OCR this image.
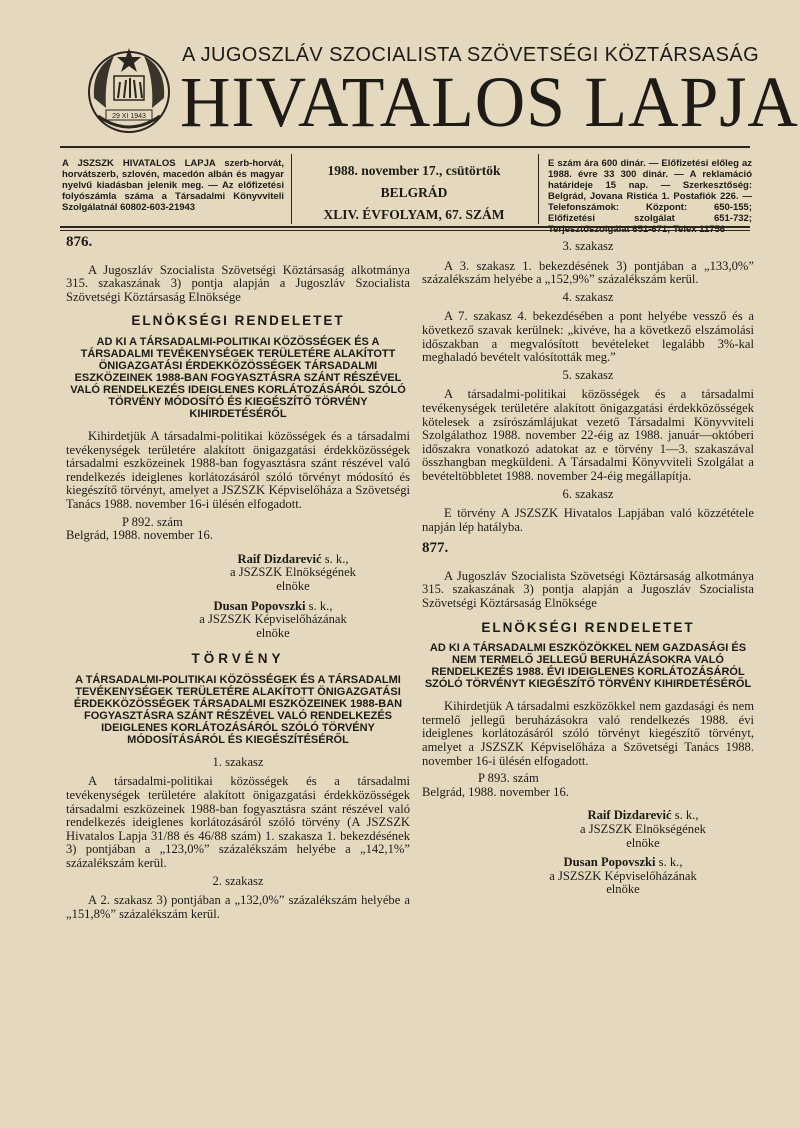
29 XI 1943
A JUGOSZLÁV SZOCIALISTA SZÖVETSÉGI KÖZTÁRSASÁG
HIVATALOS LAPJA
A JSZSZK HIVATALOS LAPJA szerb-horvát, horvátszerb, szlovén, macedón albán és magyar nyelvű kiadásban jelenik meg. — Az előfizetési folyószámla száma a Társadalmi Könyvviteli Szolgálatnál 60802-603-21943
1988. november 17., csütörtök
BELGRÁD
XLIV. ÉVFOLYAM, 67. SZÁM
E szám ára 600 dinár. — Előfizetési előleg az 1988. évre 33 300 dinár. — A reklamáció határideje 15 nap. — Szerkesztőség: Belgrád, Jovana Ristića 1. Postafiók 226. — Telefonszámok: Központ: 650-155; Előfizetési szolgálat 651-732;
876.

A Jugoszláv Szocialista Szövetségi Köztársaság alkotmánya 315. szakaszának 3) pontja alapján a Jugoszláv Szocialista Szövetségi Köztársaság Elnöksége

ELNÖKSÉGI RENDELETET
AD KI A TÁRSADALMI-POLITIKAI KÖZÖSSÉGEK ÉS A TÁRSADALMI TEVÉKENYSÉGEK TERÜLETÉRE ALAKÍTOTT ÖNIGAZGATÁSI ÉRDEKKÖZÖSSÉGEK TÁRSADALMI ESZKÖZEINEK 1988-BAN FOGYASZTÁSRA SZÁNT RÉSZÉVEL VALÓ RENDELKEZÉS IDEIGLENES KORLÁTOZÁSÁRÓL SZÓLÓ TÖRVÉNY MÓDOSÍTÓ ÉS KIEGÉSZÍTŐ TÖRVÉNY KIHIRDETÉSÉRŐL

Kihirdetjük A társadalmi-politikai közösségek és a társadalmi tevékenységek területére alakított önigazgatási érdekközösségek társadalmi eszközeinek 1988-ban fogyasztásra szánt részével való rendelkezés ideiglenes korlátozásáról szóló törvényt módosító és kiegészítő törvényt, amelyet a JSZSZK Képviselőháza a Szövetségi Tanács 1988. november 16-i ülésén elfogadott.

P 892. szám

Belgrád, 1988. november 16.

Raif Dizdarević s. k.,
a JSZSZK Elnökségének
elnöke
Dusan Popovszki s. k.,
a JSZSZK Képviselőházának
elnöke
TÖRVÉNY
A TÁRSADALMI-POLITIKAI KÖZÖSSÉGEK ÉS A TÁRSADALMI TEVÉKENYSÉGEK TERÜLETÉRE ALAKÍTOTT ÖNIGAZGATÁSI ÉRDEKKÖZÖSSÉGEK TÁRSADALMI ESZKÖZEINEK 1988-BAN FOGYASZTÁSRA SZÁNT RÉSZÉVEL VALÓ RENDELKEZÉS IDEIGLENES KORLÁTOZÁSÁRÓL SZÓLÓ TÖRVÉNY MÓDOSÍTÁSÁRÓL ÉS KIEGÉSZÍTÉSÉRŐL
1. szakasz

A társadalmi-politikai közösségek és a társadalmi tevékenységek területére alakított önigazgatási érdekközösségek társadalmi eszközeinek 1988-ban fogyasztásra szánt részével való rendelkezés ideiglenes korlátozásáról szóló törvény (A JSZSZK Hivatalos Lapja 31/88 és 46/88 szám) 1. szakasza 1. bekezdésének 3) pontjában a „123,0%” százalékszám helyébe a „142,1%” százalékszám kerül.

2. szakasz

A 2. szakasz 3) pontjában a „132,0%” százalékszám helyébe a „151,8%” százalékszám kerül.

3. szakasz

A 3. szakasz 1. bekezdésének 3) pontjában a „133,0%” százalékszám helyébe a „152,9%” százalékszám kerül.

4. szakasz

A 7. szakasz 4. bekezdésében a pont helyébe vessző és a következő szavak kerülnek: „kivéve, ha a következő elszámolási időszakban a megvalósított bevételeket legalább 3%-kal meghaladó bevételt valósították meg.”

5. szakasz

A társadalmi-politikai közösségek és a társadalmi tevékenységek területére alakított önigazgatási érdekközösségek kötelesek a zsírószámlájukat vezető Társadalmi Könyvviteli Szolgálathoz 1988. november 22-éig az 1988. január—októberi időszakra vonatkozó adatokat az e törvény 1—3. szakaszával összhangban megküldeni. A Társadalmi Könyvviteli Szolgálat a bevételtöbbletet 1988. november 24-éig megállapítja.

6. szakasz

E törvény A JSZSZK Hivatalos Lapjában való közzététele napján lép hatályba.

877.

A Jugoszláv Szocialista Szövetségi Köztársaság alkotmánya 315. szakaszának 3) pontja alapján a Jugoszláv Szocialista Szövetségi Köztársaság Elnöksége

ELNÖKSÉGI RENDELETET
AD KI A TÁRSADALMI ESZKÖZÖKKEL NEM GAZDASÁGI ÉS NEM TERMELŐ JELLEGŰ BERUHÁZÁSOKRA VALÓ RENDELKEZÉS 1988. ÉVI IDEIGLENES KORLÁTOZÁSÁRÓL SZÓLÓ TÖRVÉNYT KIEGÉSZÍTŐ TÖRVÉNY KIHIRDETÉSÉRŐL

Kihirdetjük A társadalmi eszközökkel nem gazdasági és nem termelő jellegű beruházásokra való rendelkezés 1988. évi ideiglenes korlátozásáról szóló törvényt kiegészítő törvényt, amelyet a JSZSZK Képviselőháza a Szövetségi Tanács 1988. november 16-i ülésén elfogadott.

P 893. szám

Belgrád, 1988. november 16.

Raif Dizdarević s. k.,
a JSZSZK Elnökségének
elnöke
Dusan Popovszki s. k.,
a JSZSZK Képviselőházának
elnöke
